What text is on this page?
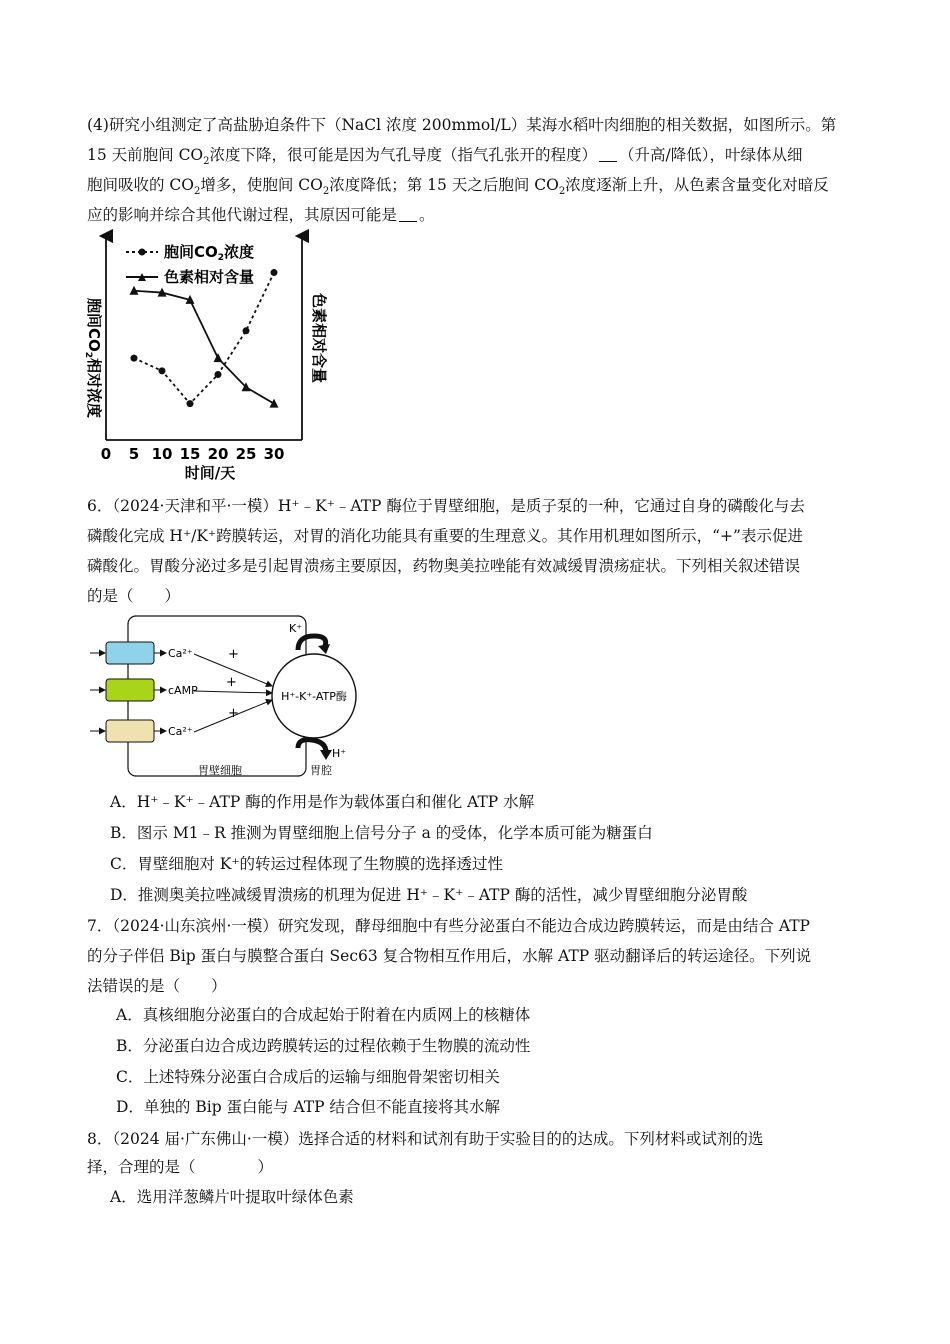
(4)研究小组测定了高盐胁迫条件下（NaCl 浓度 200mmol/L）某海水稻叶肉细胞的相关数据，如图所示。第
15 天前胞间 $CO_2$浓度下降，很可能是因为气孔导度（指气孔张开的程度） （升高/降低），叶绿体从细
胞间吸收的 $CO_2$增多，使胞间 $CO_2$浓度降低；第 15 天之后胞间 $CO_2$浓度逐渐上升，从色素含量变化对暗反
应的影响并综合其他代谢过程，其原因可能是 。
0 5 10 15 20 25 30
时间/天
胞间$CO_2$相对浓度
色素相对含量
胞间$CO_2$浓度
色素相对含量
6．（2024·天津和平·一模）H⁺﹣K⁺﹣ATP 酶位于胃壁细胞，是质子泵的一种，它通过自身的磷酸化与去
磷酸化完成 H⁺/K⁺跨膜转运，对胃的消化功能具有重要的生理意义。其作用机理如图所示，“+”表示促进
磷酸化。胃酸分泌过多是引起胃溃疡主要原因，药物奥美拉唑能有效减缓胃溃疡症状。下列相关叙述错误
的是（　　）
Ca²⁺
cAMP
Ca²⁺
+
+
+
H⁺-K⁺-ATP酶
K⁺
H⁺
胃壁细胞	胃腔
A．H⁺﹣K⁺﹣ATP 酶的作用是作为载体蛋白和催化 ATP 水解
B．图示 M1﹣R 推测为胃壁细胞上信号分子 a 的受体，化学本质可能为糖蛋白
C．胃壁细胞对 K⁺的转运过程体现了生物膜的选择透过性
D．推测奥美拉唑减缓胃溃疡的机理为促进 H⁺﹣K⁺﹣ATP 酶的活性，减少胃壁细胞分泌胃酸
7．（2024·山东滨州·一模）研究发现，酵母细胞中有些分泌蛋白不能边合成边跨膜转运，而是由结合 ATP
的分子伴侣 Bip 蛋白与膜整合蛋白 Sec63 复合物相互作用后，水解 ATP 驱动翻译后的转运途径。下列说
法错误的是（　　）
A．真核细胞分泌蛋白的合成起始于附着在内质网上的核糖体
B．分泌蛋白边合成边跨膜转运的过程依赖于生物膜的流动性
C．上述特殊分泌蛋白合成后的运输与细胞骨架密切相关
D．单独的 Bip 蛋白能与 ATP 结合但不能直接将其水解
8．（2024 届·广东佛山·一模）选择合适的材料和试剂有助于实验目的的达成。下列材料或试剂的选
择，合理的是（　　　　）
A．选用洋葱鳞片叶提取叶绿体色素
